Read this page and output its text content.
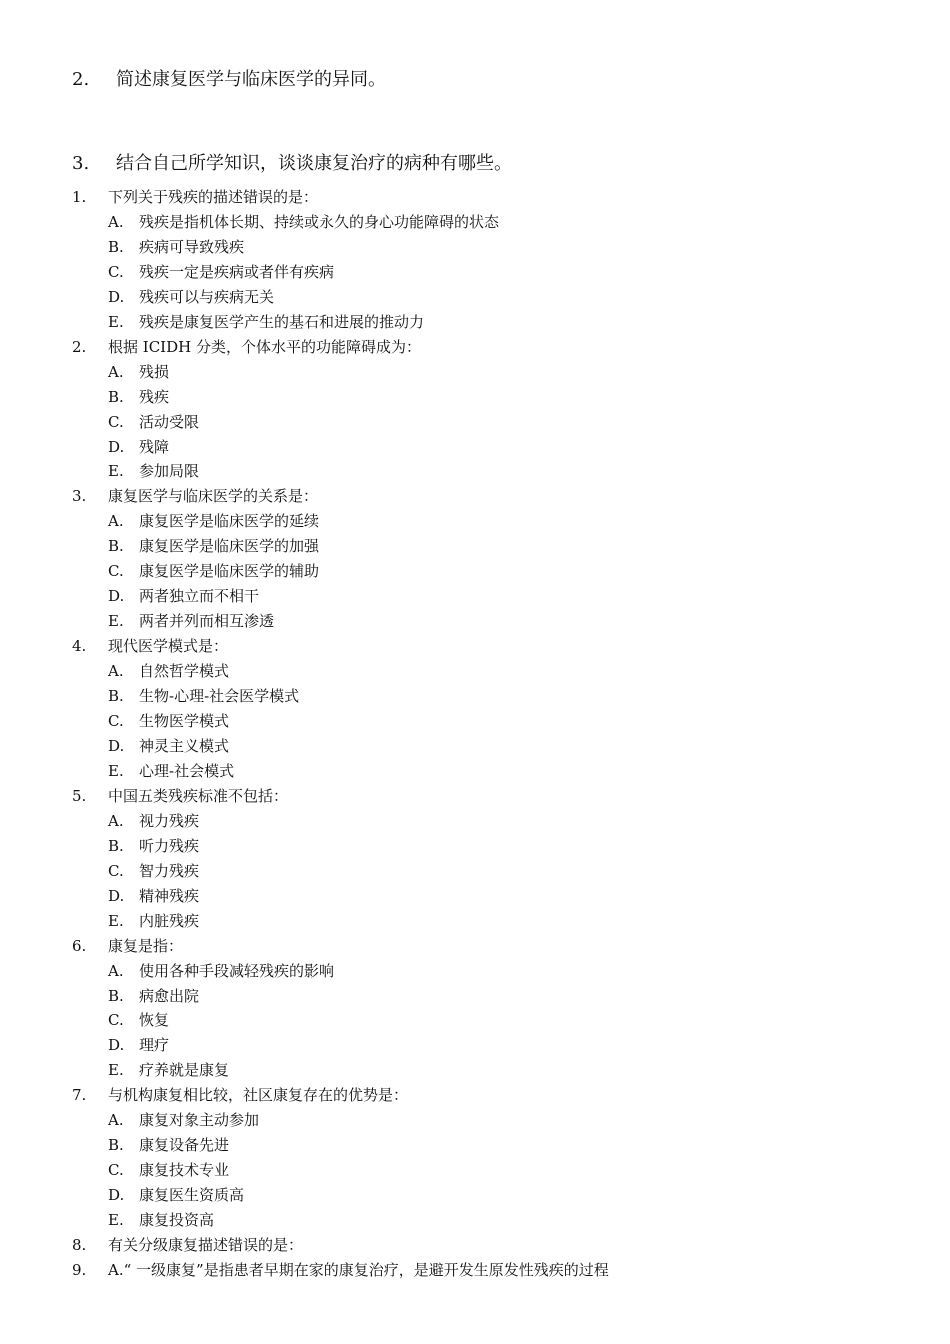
2. 简述康复医学与临床医学的异同。
3. 结合自己所学知识，谈谈康复治疗的病种有哪些。
1. 下列关于残疾的描述错误的是：
A. 残疾是指机体长期、持续或永久的身心功能障碍的状态
B. 疾病可导致残疾
C. 残疾一定是疾病或者伴有疾病
D. 残疾可以与疾病无关
E. 残疾是康复医学产生的基石和进展的推动力
2. 根据 ICIDH 分类，个体水平的功能障碍成为：
A. 残损
B. 残疾
C. 活动受限
D. 残障
E. 参加局限
3. 康复医学与临床医学的关系是：
A. 康复医学是临床医学的延续
B. 康复医学是临床医学的加强
C. 康复医学是临床医学的辅助
D. 两者独立而不相干
E. 两者并列而相互渗透
4. 现代医学模式是：
A. 自然哲学模式
B. 生物-心理-社会医学模式
C. 生物医学模式
D. 神灵主义模式
E. 心理-社会模式
5. 中国五类残疾标准不包括：
A. 视力残疾
B. 听力残疾
C. 智力残疾
D. 精神残疾
E. 内脏残疾
6. 康复是指：
A. 使用各种手段减轻残疾的影响
B. 病愈出院
C. 恢复
D. 理疗
E. 疗养就是康复
7. 与机构康复相比较，社区康复存在的优势是：
A. 康复对象主动参加
B. 康复设备先进
C. 康复技术专业
D. 康复医生资质高
E. 康复投资高
8. 有关分级康复描述错误的是：
9. A.“ 一级康复”是指患者早期在家的康复治疗，是避开发生原发性残疾的过程
